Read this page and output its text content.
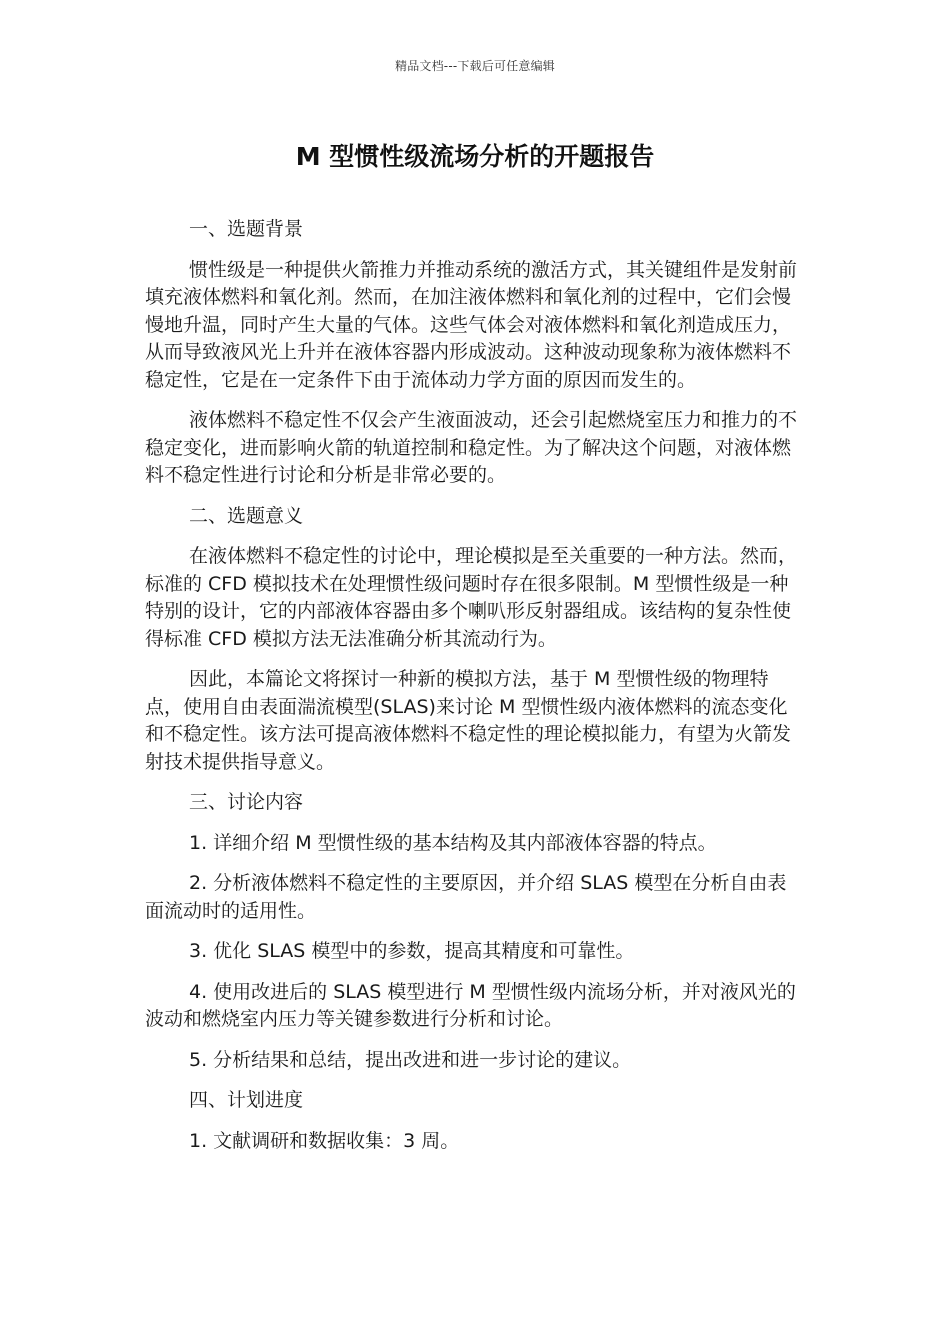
精品文档---下载后可任意编辑
M 型惯性级流场分析的开题报告

一、选题背景

惯性级是一种提供火箭推力并推动系统的激活方式，其关键组件是发射前填充液体燃料和氧化剂。然而，在加注液体燃料和氧化剂的过程中，它们会慢慢地升温，同时产生大量的气体。这些气体会对液体燃料和氧化剂造成压力，从而导致液风光上升并在液体容器内形成波动。这种波动现象称为液体燃料不稳定性，它是在一定条件下由于流体动力学方面的原因而发生的。

液体燃料不稳定性不仅会产生液面波动，还会引起燃烧室压力和推力的不稳定变化，进而影响火箭的轨道控制和稳定性。为了解决这个问题，对液体燃料不稳定性进行讨论和分析是非常必要的。

二、选题意义

在液体燃料不稳定性的讨论中，理论模拟是至关重要的一种方法。然而，标准的 CFD 模拟技术在处理惯性级问题时存在很多限制。M 型惯性级是一种特别的设计，它的内部液体容器由多个喇叭形反射器组成。该结构的复杂性使得标准 CFD 模拟方法无法准确分析其流动行为。

因此，本篇论文将探讨一种新的模拟方法，基于 M 型惯性级的物理特点，使用自由表面湍流模型(SLAS)来讨论 M 型惯性级内液体燃料的流态变化和不稳定性。该方法可提高液体燃料不稳定性的理论模拟能力，有望为火箭发射技术提供指导意义。

三、讨论内容

1. 详细介绍 M 型惯性级的基本结构及其内部液体容器的特点。

2. 分析液体燃料不稳定性的主要原因，并介绍 SLAS 模型在分析自由表面流动时的适用性。

3. 优化 SLAS 模型中的参数，提高其精度和可靠性。

4. 使用改进后的 SLAS 模型进行 M 型惯性级内流场分析，并对液风光的波动和燃烧室内压力等关键参数进行分析和讨论。

5. 分析结果和总结，提出改进和进一步讨论的建议。

四、计划进度

1. 文献调研和数据收集：3 周。
